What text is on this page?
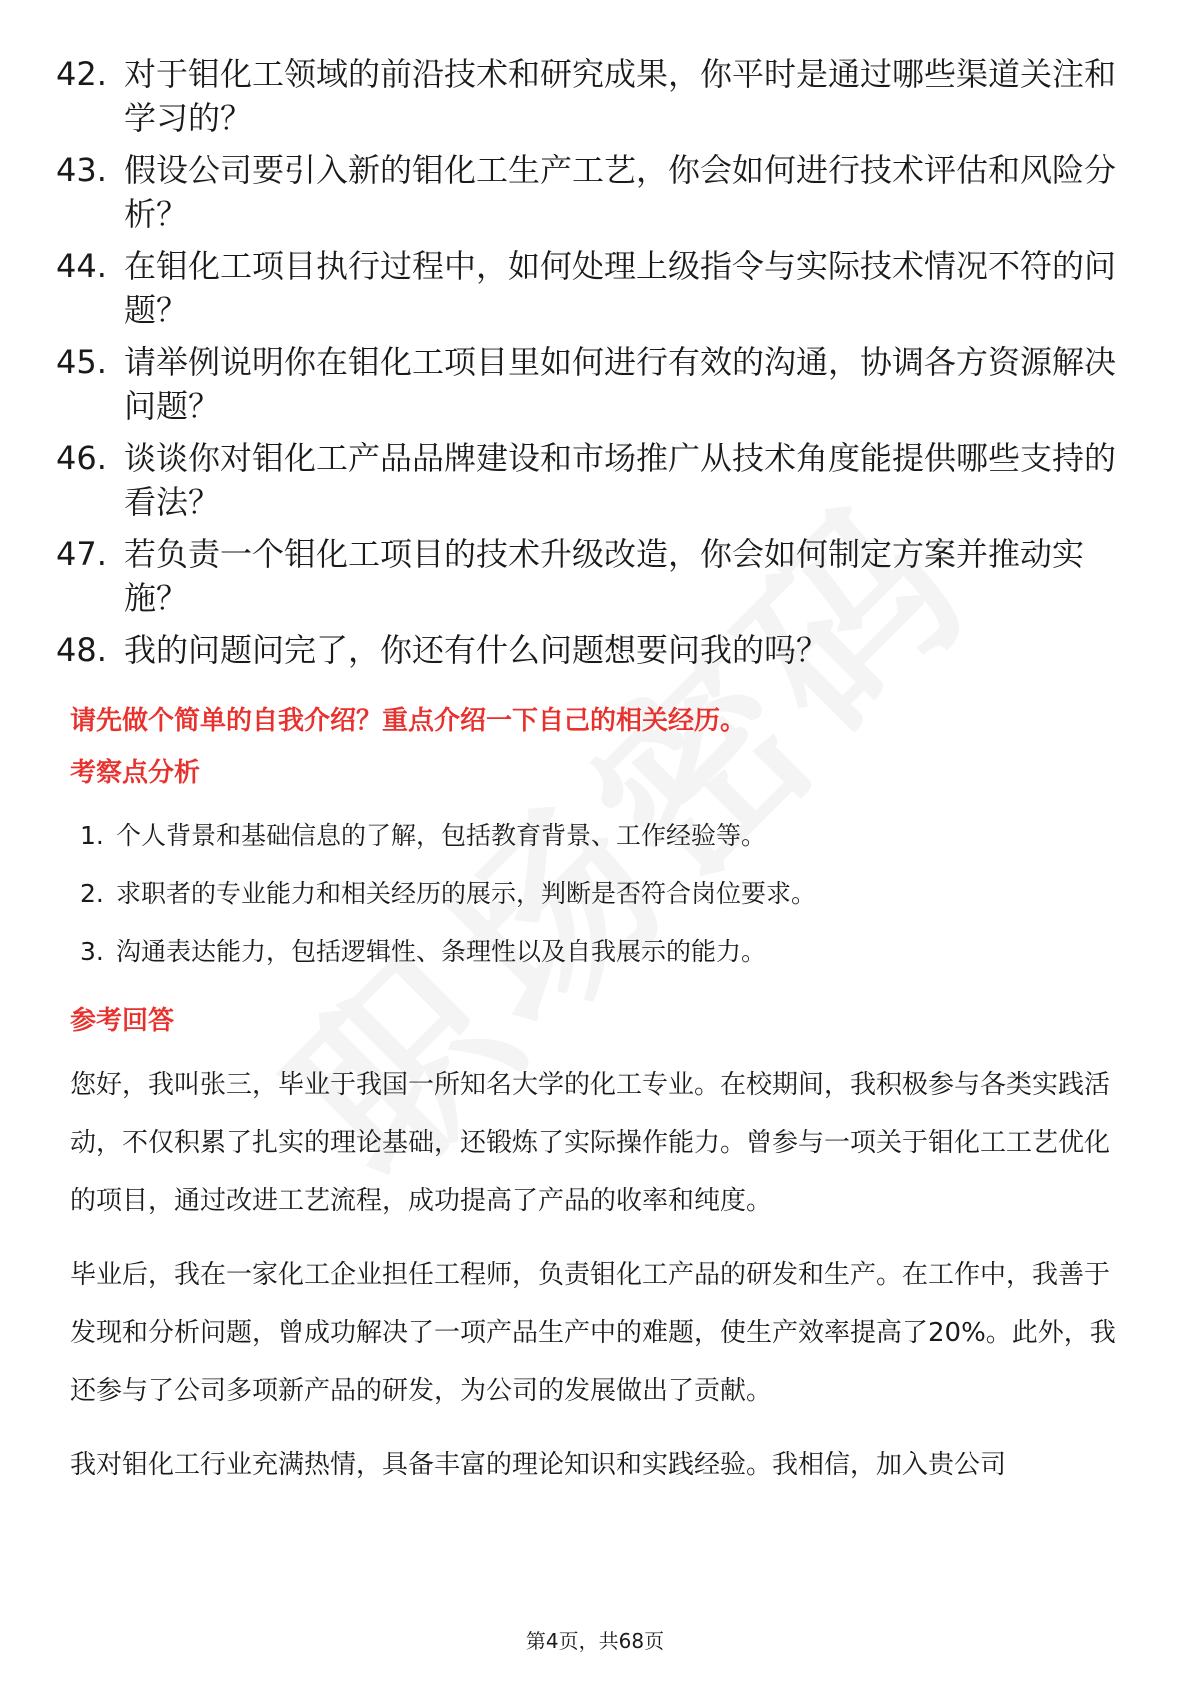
42. 对于钼化工领域的前沿技术和研究成果，你平时是通过哪些渠道关注和学习的？
43. 假设公司要引入新的钼化工生产工艺，你会如何进行技术评估和风险分析？
44. 在钼化工项目执行过程中，如何处理上级指令与实际技术情况不符的问题？
45. 请举例说明你在钼化工项目里如何进行有效的沟通，协调各方资源解决问题？
46. 谈谈你对钼化工产品品牌建设和市场推广从技术角度能提供哪些支持的看法？
47. 若负责一个钼化工项目的技术升级改造，你会如何制定方案并推动实施？
48. 我的问题问完了，你还有什么问题想要问我的吗？
请先做个简单的自我介绍？重点介绍一下自己的相关经历。
考察点分析
1. 个人背景和基础信息的了解，包括教育背景、工作经验等。
2. 求职者的专业能力和相关经历的展示，判断是否符合岗位要求。
3. 沟通表达能力，包括逻辑性、条理性以及自我展示的能力。
参考回答
您好，我叫张三，毕业于我国一所知名大学的化工专业。在校期间，我积极参与各类实践活动，不仅积累了扎实的理论基础，还锻炼了实际操作能力。曾参与一项关于钼化工工艺优化的项目，通过改进工艺流程，成功提高了产品的收率和纯度。
毕业后，我在一家化工企业担任工程师，负责钼化工产品的研发和生产。在工作中，我善于发现和分析问题，曾成功解决了一项产品生产中的难题，使生产效率提高了20%。此外，我还参与了公司多项新产品的研发，为公司的发展做出了贡献。
我对钼化工行业充满热情，具备丰富的理论知识和实践经验。我相信，加入贵公司
第4页，共68页
